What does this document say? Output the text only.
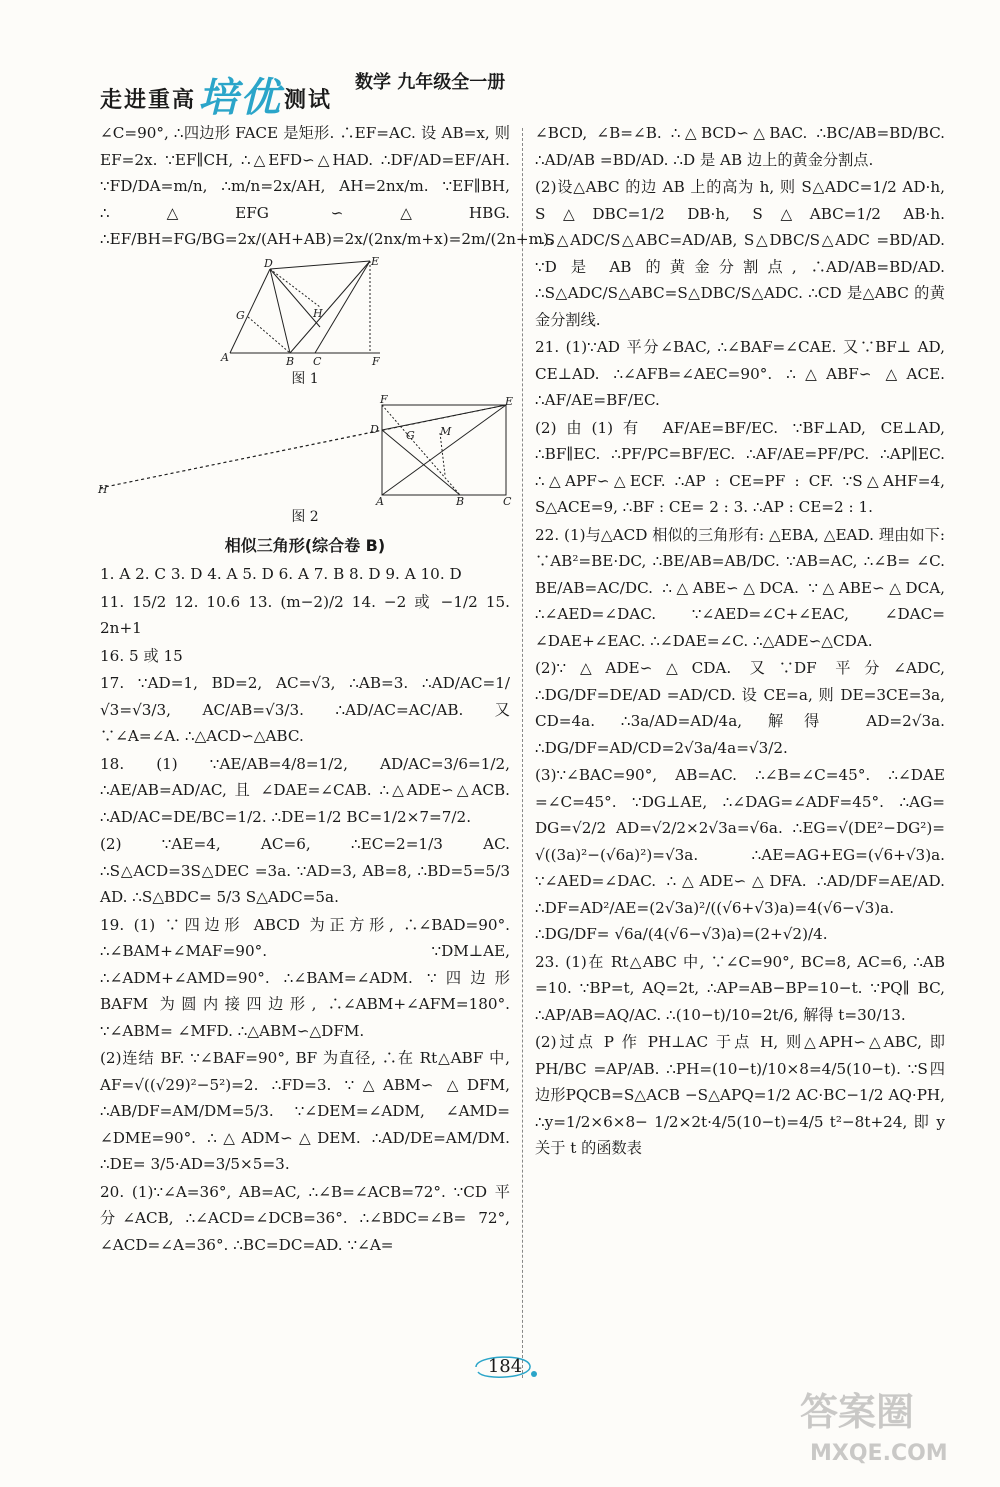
走进重高培优测试
数学 九年级全一册

∠C=90°, ∴四边形 FACE 是矩形. ∴EF=AC. 设 AB=x, 则 EF=2x. ∵EF∥CH, ∴△EFD∽△HAD. ∴DF/AD=EF/AH. ∵FD/DA=m/n, ∴m/n=2x/AH, AH=2nx/m. ∵EF∥BH, ∴△EFG ∽△HBG. ∴EF/BH=FG/BG=2x/(AH+AB)=2x/(2nx/m+x)=2m/(2n+m).

D	E
H
G
A	B C	F
图 1
F	E
D G M
H
A	B	C
图 2
相似三角形(综合卷 B)

1. A 2. C 3. D 4. A 5. D 6. A 7. B 8. D 9. A 10. D

11. 15/2 12. 10.6 13. (m−2)/2 14. −2 或 −1/2 15. 2n+1

16. 5 或 15

17. ∵AD=1, BD=2, AC=√3, ∴AB=3. ∴AD/AC=1/√3=√3/3, AC/AB=√3/3. ∴AD/AC=AC/AB. 又∵∠A=∠A. ∴△ACD∽△ABC.

18. (1) ∵AE/AB=4/8=1/2, AD/AC=3/6=1/2, ∴AE/AB=AD/AC, 且 ∠DAE=∠CAB. ∴△ADE∽△ACB. ∴AD/AC=DE/BC=1/2. ∴DE=1/2 BC=1/2×7=7/2.

(2) ∵AE=4, AC=6, ∴EC=2=1/3 AC. ∴S△ACD=3S△DEC =3a. ∵AD=3, AB=8, ∴BD=5=5/3 AD. ∴S△BDC= 5/3 S△ADC=5a.

19. (1) ∵四边形 ABCD 为正方形, ∴∠BAD=90°. ∴∠BAM+∠MAF=90°. ∵DM⊥AE, ∴∠ADM+∠AMD=90°. ∴∠BAM=∠ADM. ∵四边形 BAFM 为圆内接四边形, ∴∠ABM+∠AFM=180°. ∵∠ABM= ∠MFD. ∴△ABM∽△DFM.

(2)连结 BF. ∵∠BAF=90°, BF 为直径, ∴在 Rt△ABF 中, AF=√((√29)²−5²)=2. ∴FD=3. ∵△ABM∽ △DFM, ∴AB/DF=AM/DM=5/3. ∵∠DEM=∠ADM, ∠AMD= ∠DME=90°. ∴△ADM∽△DEM. ∴AD/DE=AM/DM. ∴DE= 3/5·AD=3/5×5=3.

20. (1)∵∠A=36°, AB=AC, ∴∠B=∠ACB=72°. ∵CD 平分∠ACB, ∴∠ACD=∠DCB=36°. ∴∠BDC=∠B= 72°, ∠ACD=∠A=36°. ∴BC=DC=AD. ∵∠A=

∠BCD, ∠B=∠B. ∴△BCD∽△BAC. ∴BC/AB=BD/BC. ∴AD/AB =BD/AD. ∴D 是 AB 边上的黄金分割点.

(2)设△ABC 的边 AB 上的高为 h, 则 S△ADC=1/2 AD·h, S△DBC=1/2 DB·h, S△ABC=1/2 AB·h. ∴S△ADC/S△ABC=AD/AB, S△DBC/S△ADC =BD/AD. ∵D 是 AB 的黄金分割点, ∴AD/AB=BD/AD. ∴S△ADC/S△ABC=S△DBC/S△ADC. ∴CD 是△ABC 的黄金分割线.

21. (1)∵AD 平分∠BAC, ∴∠BAF=∠CAE. 又∵BF⊥ AD, CE⊥AD. ∴∠AFB=∠AEC=90°. ∴△ABF∽ △ACE. ∴AF/AE=BF/EC.

(2)由(1)有 AF/AE=BF/EC. ∵BF⊥AD, CE⊥AD, ∴BF∥EC. ∴PF/PC=BF/EC. ∴AF/AE=PF/PC. ∴AP∥EC. ∴△APF∽△ECF. ∴AP : CE=PF : CF. ∵S△AHF=4, S△ACE=9, ∴BF : CE= 2 : 3. ∴AP : CE=2 : 1.

22. (1)与△ACD 相似的三角形有: △EBA, △EAD. 理由如下: ∵AB²=BE·DC, ∴BE/AB=AB/DC. ∵AB=AC, ∴∠B= ∠C. BE/AB=AC/DC. ∴△ABE∽△DCA. ∵△ABE∽△DCA, ∴∠AED=∠DAC. ∵∠AED=∠C+∠EAC, ∠DAC= ∠DAE+∠EAC. ∴∠DAE=∠C. ∴△ADE∽△CDA.

(2)∵△ADE∽△CDA. 又∵DF 平分∠ADC, ∴DG/DF=DE/AD =AD/CD. 设 CE=a, 则 DE=3CE=3a, CD=4a. ∴3a/AD=AD/4a, 解得 AD=2√3a. ∴DG/DF=AD/CD=2√3a/4a=√3/2.

(3)∵∠BAC=90°, AB=AC. ∴∠B=∠C=45°. ∴∠DAE =∠C=45°. ∵DG⊥AE, ∴∠DAG=∠ADF=45°. ∴AG= DG=√2/2 AD=√2/2×2√3a=√6a. ∴EG=√(DE²−DG²)= √((3a)²−(√6a)²)=√3a. ∴AE=AG+EG=(√6+√3)a. ∵∠AED=∠DAC. ∴△ADE∽△DFA. ∴AD/DF=AE/AD. ∴DF=AD²/AE=(2√3a)²/((√6+√3)a)=4(√6−√3)a. ∴DG/DF= √6a/(4(√6−√3)a)=(2+√2)/4.

23. (1)在 Rt△ABC 中, ∵∠C=90°, BC=8, AC=6, ∴AB =10. ∵BP=t, AQ=2t, ∴AP=AB−BP=10−t. ∵PQ∥ BC, ∴AP/AB=AQ/AC. ∴(10−t)/10=2t/6, 解得 t=30/13.

(2)过点 P 作 PH⊥AC 于点 H, 则△APH∽△ABC, 即 PH/BC =AP/AB. ∴PH=(10−t)/10×8=4/5(10−t). ∵S四边形PQCB=S△ACB −S△APQ=1/2 AC·BC−1/2 AQ·PH, ∴y=1/2×6×8− 1/2×2t·4/5(10−t)=4/5 t²−8t+24, 即 y 关于 t 的函数表

184
答案圈
MXQE.COM
